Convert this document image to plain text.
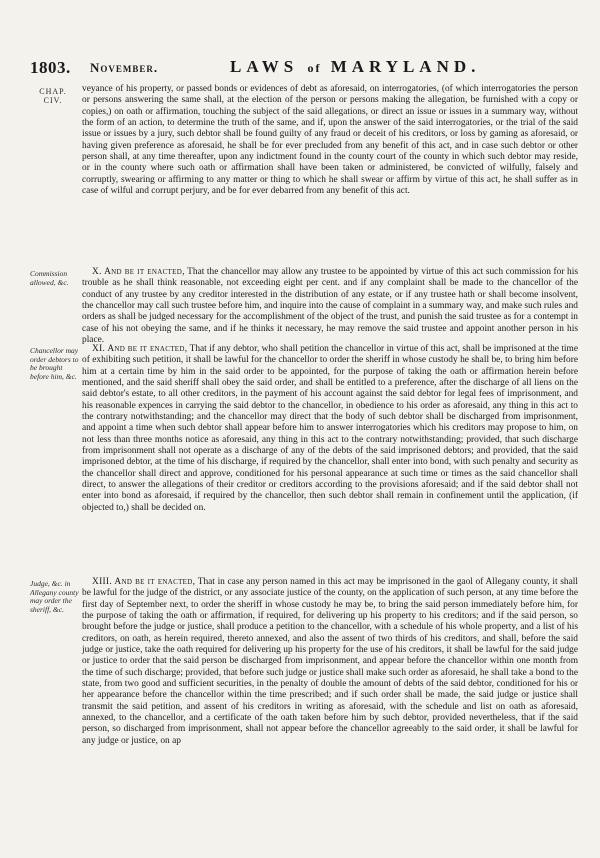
1803. November.	LAWS of MARYLAND.
CHAP.
CIV.
veyance of his property, or passed bonds or evidences of debt as aforesaid, on interrogatories, (of which interrogatories the person or persons answering the same shall, at the election of the person or persons making the allegation, be furnished with a copy or copies,) on oath or affirmation, touching the subject of the said allegations, or direct an issue or issues in a summary way, without the form of an action, to determine the truth of the same, and if, upon the answer of the said interrogatories, or the trial of the said issue or issues by a jury, such debtor shall be found guilty of any fraud or deceit of his creditors, or loss by gaming as aforesaid, or having given preference as aforesaid, he shall be for ever precluded from any benefit of this act, and in case such debtor or other person shall, at any time thereafter, upon any indictment found in the county court of the county in which such debtor may reside, or in the county where such oath or affirmation shall have been taken or administered, be convicted of wilfully, falsely and corruptly, swearing or affirming to any matter or thing to which he shall swear or affirm by virtue of this act, he shall suffer as in case of wilful and corrupt perjury, and be for ever debarred from any benefit of this act.
Commission allowed, &c.
X. And be it enacted, That the chancellor may allow any trustee to be appointed by virtue of this act such commission for his trouble as he shall think reasonable, not exceeding eight per cent. and if any complaint shall be made to the chancellor of the conduct of any trustee by any creditor interested in the distribution of any estate, or if any trustee hath or shall become insolvent, the chancellor may call such trustee before him, and inquire into the cause of complaint in a summary way, and make such rules and orders as shall be judged necessary for the accomplishment of the object of the trust, and punish the said trustee as for a contempt in case of his not obeying the same, and if he thinks it necessary, he may remove the said trustee and appoint another person in his place.
Chancellor may order debtors to be brought before him, &c.
XI. And be it enacted, That if any debtor, who shall petition the chancellor in virtue of this act, shall be imprisoned at the time of exhibiting such petition, it shall be lawful for the chancellor to order the sheriff in whose custody he shall be, to bring him before him at a certain time by him in the said order to be appointed, for the purpose of taking the oath or affirmation herein before mentioned, and the said sheriff shall obey the said order, and shall be entitled to a preference, after the discharge of all liens on the said debtor's estate, to all other creditors, in the payment of his account against the said debtor for legal fees of imprisonment, and his reasonable expences in carrying the said debtor to the chancellor, in obedience to his order as aforesaid, any thing in this act to the contrary notwithstanding; and the chancellor may direct that the body of such debtor shall be discharged from imprisonment, and appoint a time when such debtor shall appear before him to answer interrogatories which his creditors may propose to him, on not less than three months notice as aforesaid, any thing in this act to the contrary notwithstanding; provided, that such discharge from imprisonment shall not operate as a discharge of any of the debts of the said imprisoned debtors; and provided, that the said imprisoned debtor, at the time of his discharge, if required by the chancellor, shall enter into bond, with such penalty and security as the chancellor shall direct and approve, conditioned for his personal appearance at such time or times as the said chancellor shall direct, to answer the allegations of their creditor or creditors according to the provisions aforesaid; and if the said debtor shall not enter into bond as aforesaid, if required by the chancellor, then such debtor shall remain in confinement until the application, (if objected to,) shall be decided on.
Judge, &c. in Allegany county may order the sheriff, &c.
XIII. And be it enacted, That in case any person named in this act may be imprisoned in the gaol of Allegany county, it shall be lawful for the judge of the district, or any associate justice of the county, on the application of such person, at any time before the first day of September next, to order the sheriff in whose custody he may be, to bring the said person immediately before him, for the purpose of taking the oath or affirmation, if required, for delivering up his property to his creditors; and if the said person, so brought before the judge or justice, shall produce a petition to the chancellor, with a schedule of his whole property, and a list of his creditors, on oath, as herein required, thereto annexed, and also the assent of two thirds of his creditors, and shall, before the said judge or justice, take the oath required for delivering up his property for the use of his creditors, it shall be lawful for the said judge or justice to order that the said person be discharged from imprisonment, and appear before the chancellor within one month from the time of such discharge; provided, that before such judge or justice shall make such order as aforesaid, he shall take a bond to the state, from two good and sufficient securities, in the penalty of double the amount of debts of the said debtor, conditioned for his or her appearance before the chancellor within the time prescribed; and if such order shall be made, the said judge or justice shall transmit the said petition, and assent of his creditors in writing as aforesaid, with the schedule and list on oath as aforesaid, annexed, to the chancellor, and a certificate of the oath taken before him by such debtor, provided nevertheless, that if the said person, so discharged from imprisonment, shall not appear before the chancellor agreeably to the said order, it shall be lawful for any judge or justice, on ap
